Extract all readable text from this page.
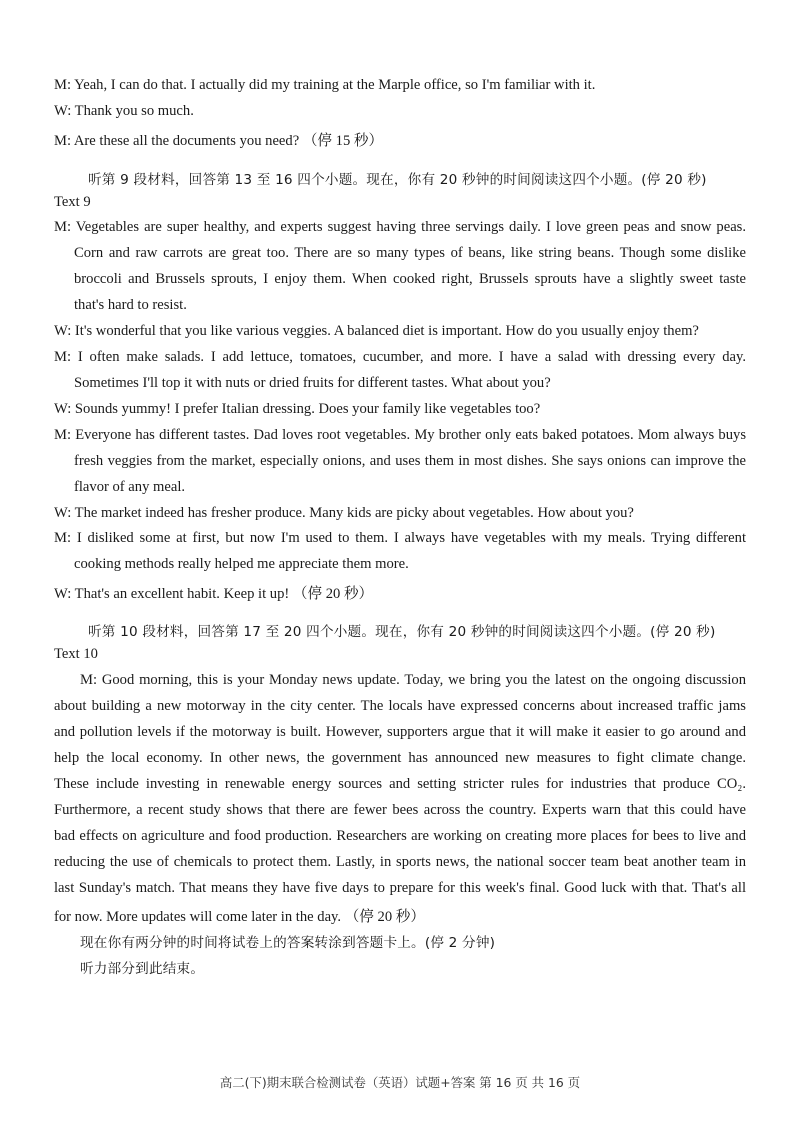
M: Yeah, I can do that. I actually did my training at the Marple office, so I'm familiar with it.
W: Thank you so much.
M: Are these all the documents you need? （停 15 秒）
听第 9 段材料，回答第 13 至 16 四个小题。现在，你有 20 秒钟的时间阅读这四个小题。(停 20 秒)
Text 9
M: Vegetables are super healthy, and experts suggest having three servings daily. I love green peas and snow peas.
Corn and raw carrots are great too. There are so many types of beans, like string beans. Though some dislike
broccoli and Brussels sprouts, I enjoy them. When cooked right, Brussels sprouts have a slightly sweet taste
that's hard to resist.
W: It's wonderful that you like various veggies. A balanced diet is important. How do you usually enjoy them?
M: I often make salads. I add lettuce, tomatoes, cucumber, and more. I have a salad with dressing every day.
Sometimes I'll top it with nuts or dried fruits for different tastes. What about you?
W: Sounds yummy! I prefer Italian dressing. Does your family like vegetables too?
M: Everyone has different tastes. Dad loves root vegetables. My brother only eats baked potatoes. Mom always buys
fresh veggies from the market, especially onions, and uses them in most dishes. She says onions can improve the
flavor of any meal.
W: The market indeed has fresher produce. Many kids are picky about vegetables. How about you?
M: I disliked some at first, but now I'm used to them. I always have vegetables with my meals. Trying different
cooking methods really helped me appreciate them more.
W: That's an excellent habit. Keep it up! （停 20 秒）
听第 10 段材料，回答第 17 至 20 四个小题。现在，你有 20 秒钟的时间阅读这四个小题。(停 20 秒)
Text 10
M: Good morning, this is your Monday news update. Today, we bring you the latest on the ongoing discussion
about building a new motorway in the city center. The locals have expressed concerns about increased traffic jams
and pollution levels if the motorway is built. However, supporters argue that it will make it easier to go around and
help the local economy. In other news, the government has announced new measures to fight climate change.
These include investing in renewable energy sources and setting stricter rules for industries that produce CO₂.
Furthermore, a recent study shows that there are fewer bees across the country. Experts warn that this could have
bad effects on agriculture and food production. Researchers are working on creating more places for bees to live and
reducing the use of chemicals to protect them. Lastly, in sports news, the national soccer team beat another team in
last Sunday's match. That means they have five days to prepare for this week's final. Good luck with that. That's all
for now. More updates will come later in the day. （停 20 秒）
现在你有两分钟的时间将试卷上的答案转涂到答题卡上。(停 2 分钟)
听力部分到此结束。
高二(下)期末联合检测试卷（英语）试题+答案 第 16 页 共 16 页
